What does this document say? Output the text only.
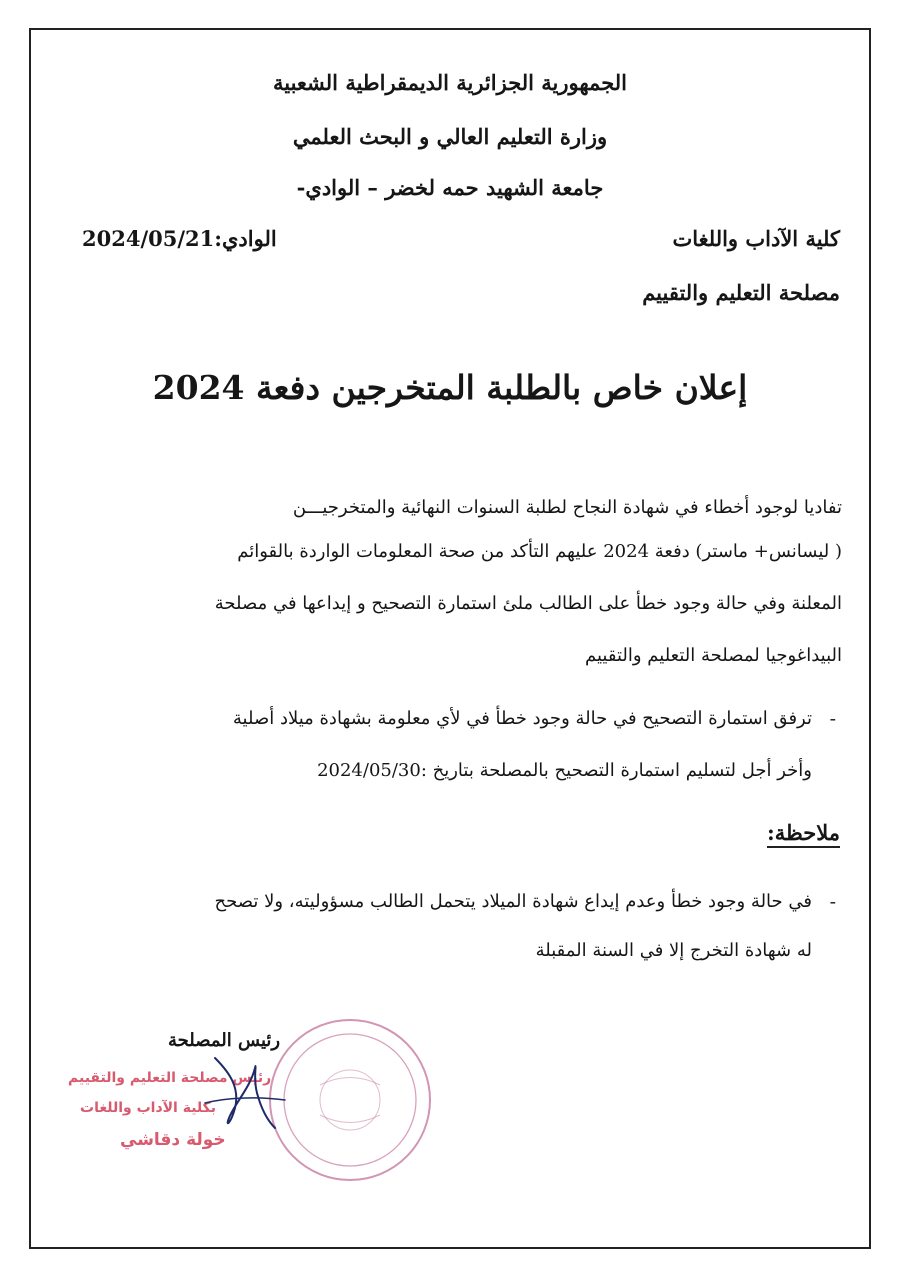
الجمهورية الجزائرية الديمقراطية الشعبية
وزارة التعليم العالي و البحث العلمي
جامعة الشهيد حمه لخضر – الوادي-
كلية الآداب واللغات
الوادي:2024/05/21
مصلحة التعليم والتقييم
إعلان خاص بالطلبة المتخرجين دفعة 2024
تفاديا لوجود أخطاء في شهادة النجاح لطلبة السنوات النهائية والمتخرجيـــن
( ليسانس+ ماستر) دفعة 2024 عليهم التأكد من صحة المعلومات الواردة بالقوائم
المعلنة وفي حالة وجود خطأ على الطالب ملئ استمارة التصحيح و إيداعها في مصلحة
البيداغوجيا لمصلحة التعليم والتقييم
-
ترفق استمارة التصحيح في حالة وجود خطأ في لأي معلومة بشهادة ميلاد أصلية
وأخر أجل لتسليم استمارة التصحيح بالمصلحة بتاريخ :2024/05/30
ملاحظة:
-
في حالة وجود خطأ وعدم إيداع شهادة الميلاد يتحمل الطالب مسؤوليته، ولا تصحح
له شهادة التخرج إلا في السنة المقبلة
رئيس المصلحة
رئيس مصلحة التعليم والتقييم
بكلية الآداب واللغات
خولة دقاشي
